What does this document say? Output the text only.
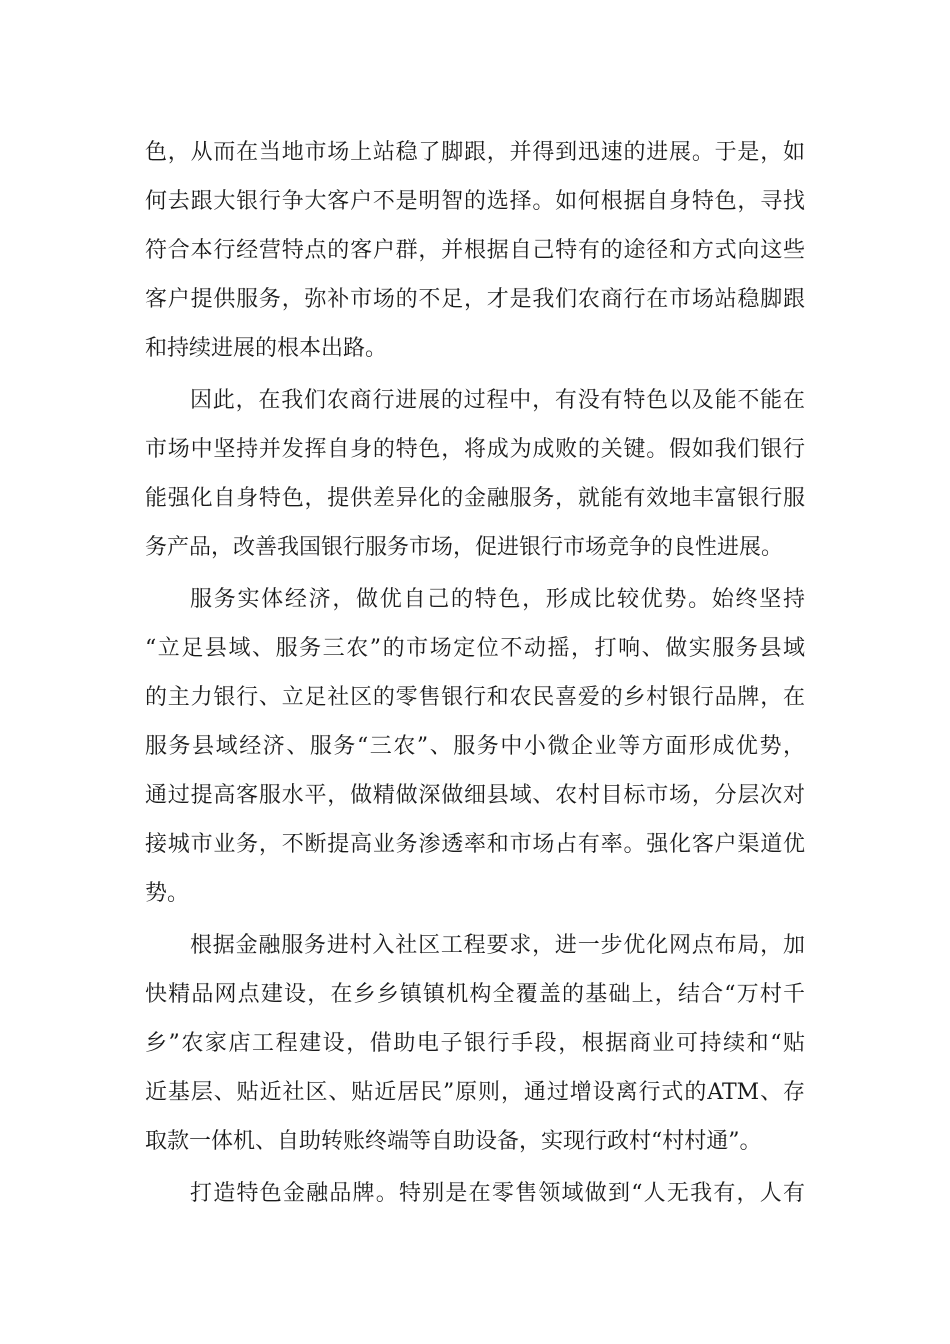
色，从而在当地市场上站稳了脚跟，并得到迅速的进展。于是，如
何去跟大银行争大客户不是明智的选择。如何根据自身特色，寻找
符合本行经营特点的客户群，并根据自己特有的途径和方式向这些
客户提供服务，弥补市场的不足，才是我们农商行在市场站稳脚跟
和持续进展的根本出路。
因此，在我们农商行进展的过程中，有没有特色以及能不能在
市场中坚持并发挥自身的特色，将成为成败的关键。假如我们银行
能强化自身特色，提供差异化的金融服务，就能有效地丰富银行服
务产品，改善我国银行服务市场，促进银行市场竞争的良性进展。
服务实体经济，做优自己的特色，形成比较优势。始终坚持
“立足县域、服务三农”的市场定位不动摇，打响、做实服务县域
的主力银行、立足社区的零售银行和农民喜爱的乡村银行品牌，在
服务县域经济、服务“三农”、服务中小微企业等方面形成优势，
通过提高客服水平，做精做深做细县域、农村目标市场，分层次对
接城市业务，不断提高业务渗透率和市场占有率。强化客户渠道优
势。
根据金融服务进村入社区工程要求，进一步优化网点布局，加
快精品网点建设，在乡乡镇镇机构全覆盖的基础上，结合“万村千
乡”农家店工程建设，借助电子银行手段，根据商业可持续和“贴
近基层、贴近社区、贴近居民”原则，通过增设离行式的ATM、存
取款一体机、自助转账终端等自助设备，实现行政村“村村通”。
打造特色金融品牌。特别是在零售领域做到“人无我有，人有
